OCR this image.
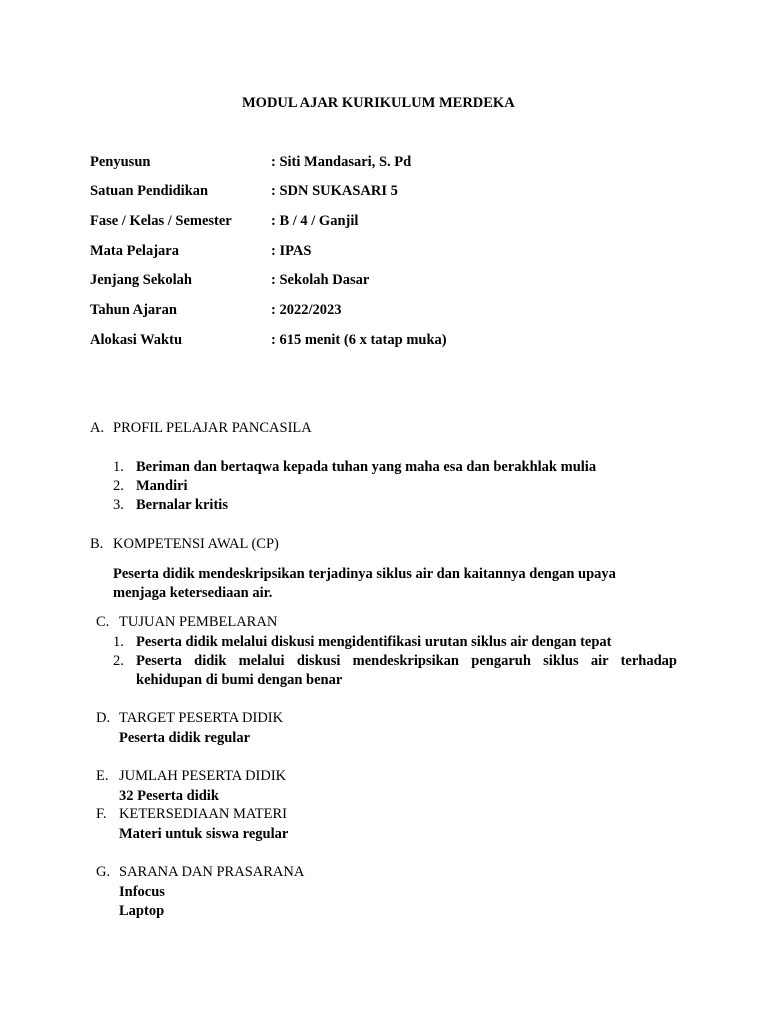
MODUL AJAR KURIKULUM MERDEKA
Penyusun	: Siti Mandasari, S. Pd
Satuan Pendidikan	: SDN SUKASARI 5
Fase / Kelas / Semester	: B / 4 / Ganjil
Mata Pelajara	: IPAS
Jenjang Sekolah	: Sekolah Dasar
Tahun Ajaran	: 2022/2023
Alokasi Waktu	: 615 menit (6 x tatap muka)
A. PROFIL PELAJAR PANCASILA
1. Beriman dan bertaqwa kepada tuhan yang maha esa dan berakhlak mulia
2. Mandiri
3. Bernalar kritis
B. KOMPETENSI AWAL (CP)
Peserta didik mendeskripsikan terjadinya siklus air dan kaitannya dengan upaya
menjaga ketersediaan air.
C. TUJUAN PEMBELARAN
1. Peserta didik melalui diskusi mengidentifikasi urutan siklus air dengan tepat
2. Peserta didik melalui diskusi mendeskripsikan pengaruh siklus air terhadap
kehidupan di bumi dengan benar
D. TARGET PESERTA DIDIK
Peserta didik regular
E. JUMLAH PESERTA DIDIK
32 Peserta didik
F. KETERSEDIAAN MATERI
Materi untuk siswa regular
G. SARANA DAN PRASARANA
Infocus
Laptop
